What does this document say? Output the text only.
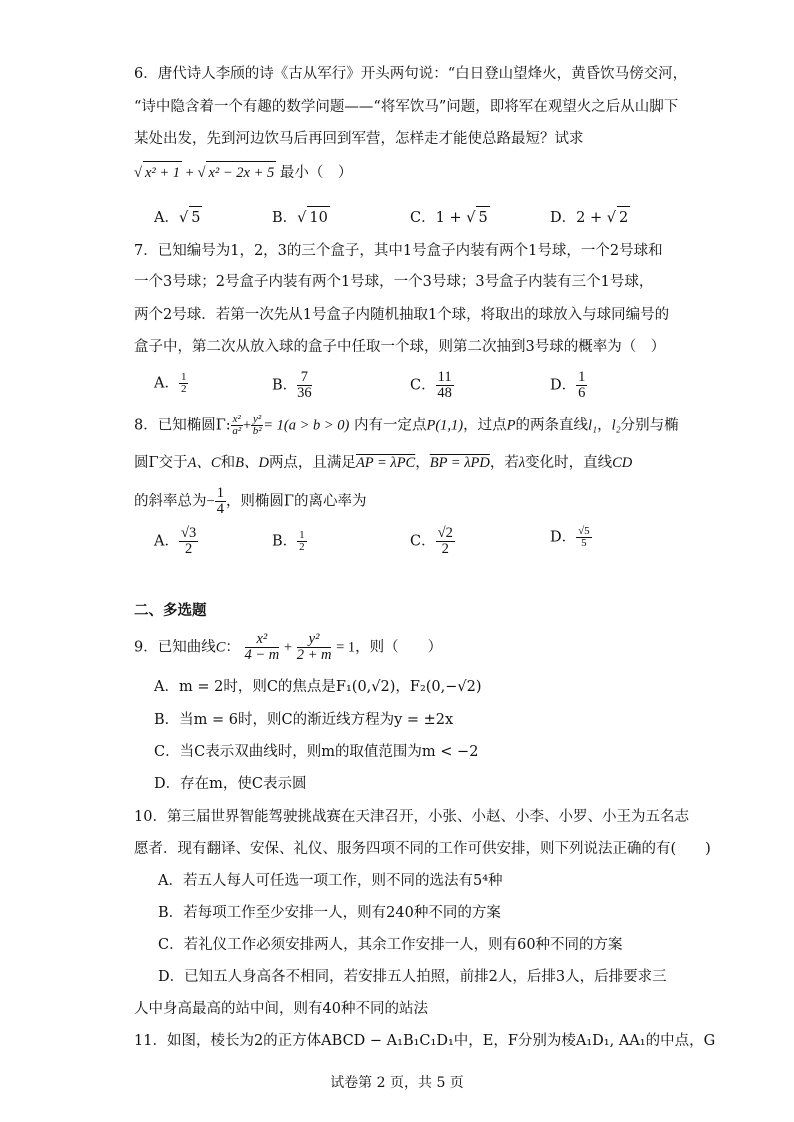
6．唐代诗人李颀的诗《古从军行》开头两句说：“白日登山望烽火，黄昏饮马傍交河，
“诗中隐含着一个有趣的数学问题——“将军饮马”问题，即将军在观望火之后从山脚下
某处出发，先到河边饮马后再回到军营，怎样走才能使总路最短？试求
√ x² + 1 + √ x² − 2x + 5 最小（　）
A．√ 5	B．√ 10	C．1 + √ 5	D．2 + √ 2
7．已知编号为1，2，3的三个盒子，其中1号盒子内装有两个1号球，一个2号球和
一个3号球；2号盒子内装有两个1号球，一个3号球；3号盒子内装有三个1号球，
两个2号球．若第一次先从1号盒子内随机抽取1个球，将取出的球放入与球同编号的
盒子中，第二次从放入球的盒子中任取一个球，则第二次抽到3号球的概率为（　）
A． $\frac{1}{2}$	B． $\frac{7}{36}$	C． $\frac{11}{48}$	D． $\frac{1}{6}$
8．已知椭圆Γ: $\frac{\text{x²}}{\text{a²}} + \frac{\text{y²}}{\text{b²}} = 1(a > b > 0)$ 内有一定点P(1,1)，过点P的两条直线l₁，l₂分别与椭
圆Γ交于A、C和B、D两点，且满足AP = λPC，BP = λPD，若λ变化时，直线CD
的斜率总为− $\frac{1}{4}$ ，则椭圆Γ的离心率为
A． $\frac{√3}{2}$	B． $\frac{1}{2}$	C． $\frac{√2}{2}$	D． $\frac{√5}{5}$
二、多选题
9．已知曲线C： $\frac{\text{x²}}{4 - m} + \frac{\text{y²}}{2 + m} = 1$，则（　　）
A．m = 2时，则C的焦点是F₁(0,√2)，F₂(0,−√2)
B．当m = 6时，则C的渐近线方程为y = ±2x
C．当C表示双曲线时，则m的取值范围为m < −2
D．存在m，使C表示圆
10．第三届世界智能驾驶挑战赛在天津召开，小张、小赵、小李、小罗、小王为五名志
愿者．现有翻译、安保、礼仪、服务四项不同的工作可供安排，则下列说法正确的有(　　)
A．若五人每人可任选一项工作，则不同的选法有5⁴种
B．若每项工作至少安排一人，则有240种不同的方案
C．若礼仪工作必须安排两人，其余工作安排一人，则有60种不同的方案
D．已知五人身高各不相同，若安排五人拍照，前排2人，后排3人，后排要求三
人中身高最高的站中间，则有40种不同的站法
11．如图，棱长为2的正方体ABCD − A₁B₁C₁D₁中，E，F分别为棱A₁D₁, AA₁的中点，G
试卷第 2 页，共 5 页
